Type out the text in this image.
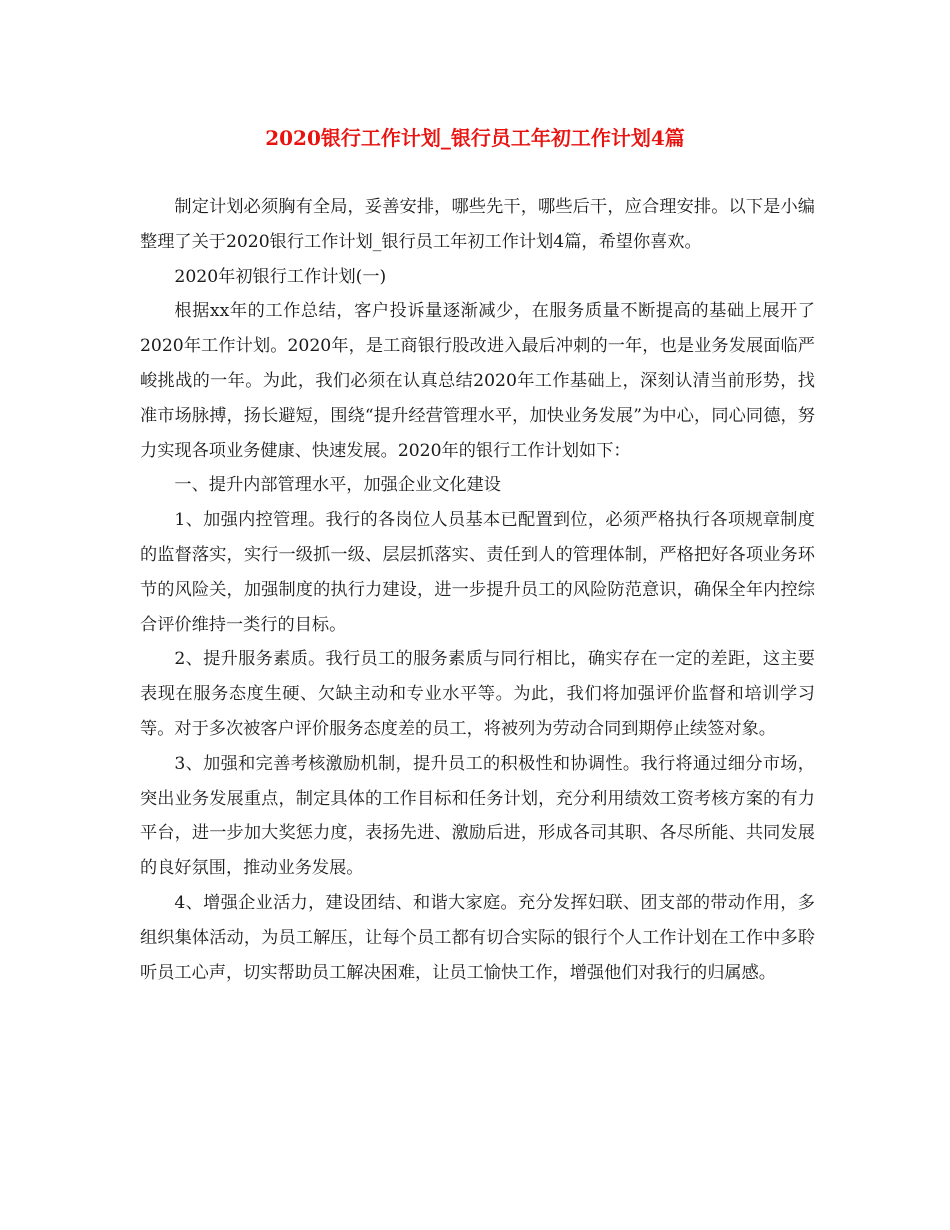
2020银行工作计划_银行员工年初工作计划4篇

制定计划必须胸有全局，妥善安排，哪些先干，哪些后干，应合理安排。以下是小编整理了关于2020银行工作计划_银行员工年初工作计划4篇，希望你喜欢。

2020年初银行工作计划(一)

根据xx年的工作总结，客户投诉量逐渐减少，在服务质量不断提高的基础上展开了2020年工作计划。2020年，是工商银行股改进入最后冲刺的一年，也是业务发展面临严峻挑战的一年。为此，我们必须在认真总结2020年工作基础上，深刻认清当前形势，找准市场脉搏，扬长避短，围绕“提升经营管理水平，加快业务发展”为中心，同心同德，努力实现各项业务健康、快速发展。2020年的银行工作计划如下：

一、提升内部管理水平，加强企业文化建设

1、加强内控管理。我行的各岗位人员基本已配置到位，必须严格执行各项规章制度的监督落实，实行一级抓一级、层层抓落实、责任到人的管理体制，严格把好各项业务环节的风险关，加强制度的执行力建设，进一步提升员工的风险防范意识，确保全年内控综合评价维持一类行的目标。

2、提升服务素质。我行员工的服务素质与同行相比，确实存在一定的差距，这主要表现在服务态度生硬、欠缺主动和专业水平等。为此，我们将加强评价监督和培训学习等。对于多次被客户评价服务态度差的员工，将被列为劳动合同到期停止续签对象。

3、加强和完善考核激励机制，提升员工的积极性和协调性。我行将通过细分市场，突出业务发展重点，制定具体的工作目标和任务计划，充分利用绩效工资考核方案的有力平台，进一步加大奖惩力度，表扬先进、激励后进，形成各司其职、各尽所能、共同发展的良好氛围，推动业务发展。

4、增强企业活力，建设团结、和谐大家庭。充分发挥妇联、团支部的带动作用，多组织集体活动，为员工解压，让每个员工都有切合实际的银行个人工作计划在工作中多聆听员工心声，切实帮助员工解决困难，让员工愉快工作，增强他们对我行的归属感。
